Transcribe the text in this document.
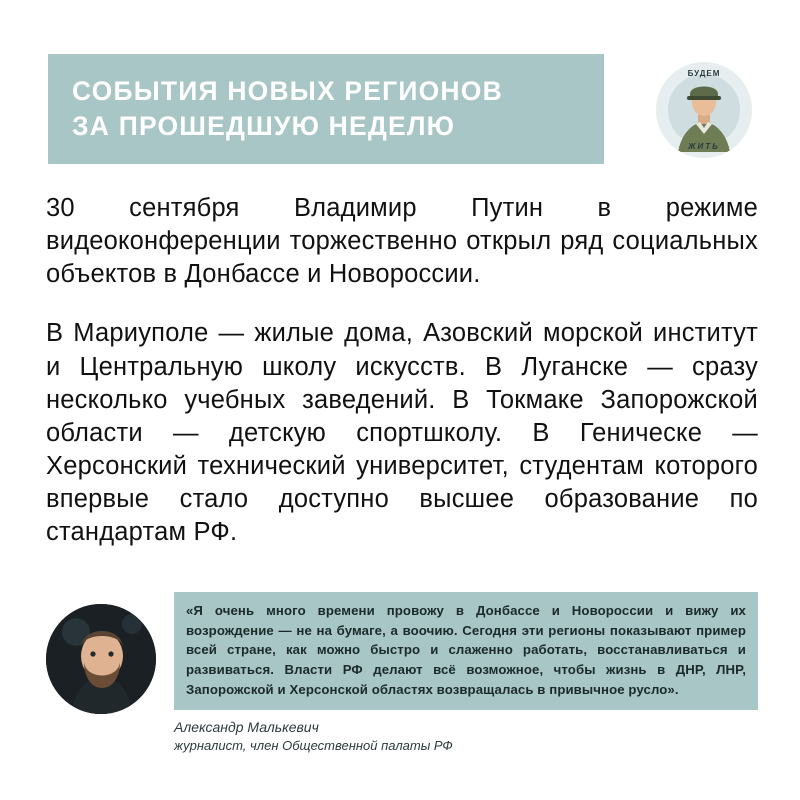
СОБЫТИЯ НОВЫХ РЕГИОНОВ
ЗА ПРОШЕДШУЮ НЕДЕЛЮ
БУДЕМ
ЖИТЬ

30 сентября Владимир Путин в режиме видеоконференции торжественно открыл ряд социальных объектов в Донбассе и Новороссии.

В Мариуполе — жилые дома, Азовский морской институт и Центральную школу искусств. В Луганске — сразу несколько учебных заведений. В Токмаке Запорожской области — детскую спортшколу. В Геническе — Херсонский технический университет, студентам которого впервые стало доступно высшее образование по стандартам РФ.

«Я очень много времени провожу в Донбассе и Новороссии и вижу их возрождение — не на бумаге, а воочию. Сегодня эти регионы показывают пример всей стране, как можно быстро и слаженно работать, восстанавливаться и развиваться. Власти РФ делают всё возможное, чтобы жизнь в ДНР, ЛНР, Запорожской и Херсонской областях возвращалась в привычное русло».
Александр Малькевич
журналист, член Общественной палаты РФ
